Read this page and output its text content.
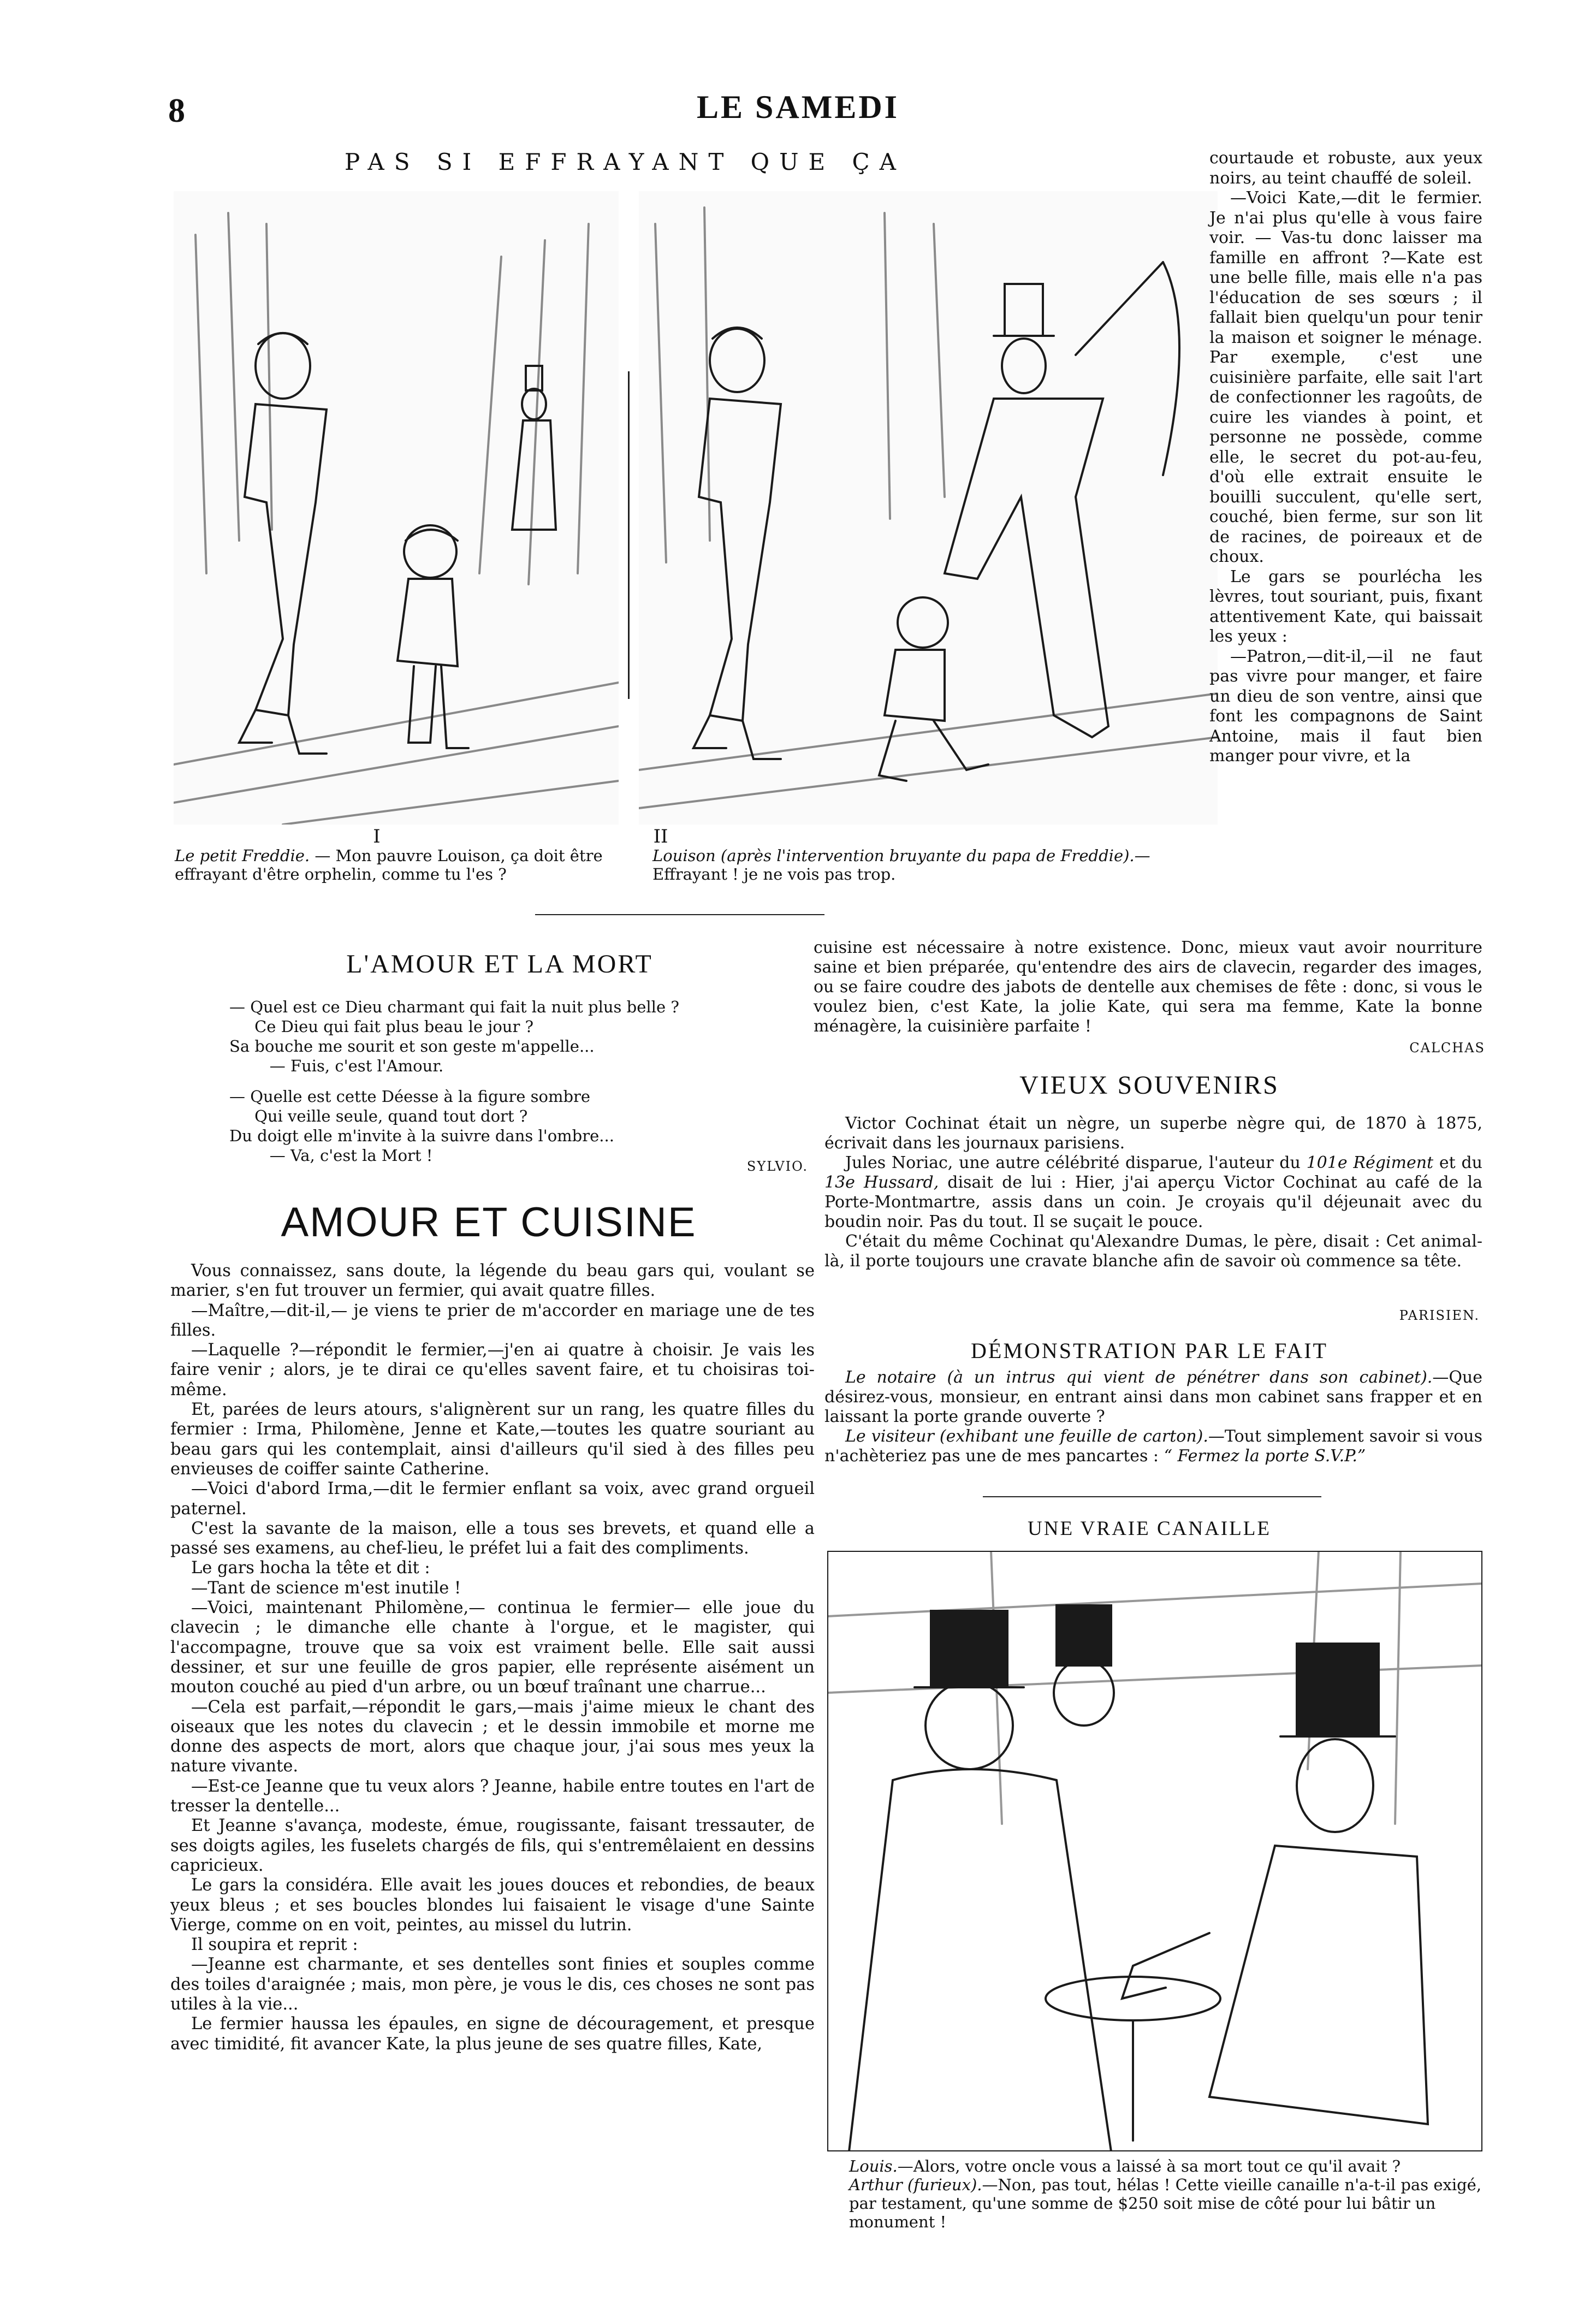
8	LE SAMEDI
PAS SI EFFRAYANT QUE ÇA
I
Le petit Freddie. — Mon pauvre Louison, ça doit être effrayant d'être orphelin, comme tu l'es ?
II
Louison (après l'intervention bruyante du papa de Freddie).— Effrayant ! je ne vois pas trop.

courtaude et robuste, aux yeux noirs, au teint chauffé de soleil.

—Voici Kate,—dit le fermier. Je n'ai plus qu'elle à vous faire voir. — Vas-tu donc laisser ma famille en affront ?—Kate est une belle fille, mais elle n'a pas l'éducation de ses sœurs ; il fallait bien quelqu'un pour tenir la maison et soigner le ménage. Par exemple, c'est une cuisinière parfaite, elle sait l'art de confectionner les ragoûts, de cuire les viandes à point, et personne ne possède, comme elle, le secret du pot-au-feu, d'où elle extrait ensuite le bouilli succulent, qu'elle sert, couché, bien ferme, sur son lit de racines, de poireaux et de choux.

Le gars se pourlécha les lèvres, tout souriant, puis, fixant attentivement Kate, qui baissait les yeux :

—Patron,—dit-il,—il ne faut pas vivre pour manger, et faire un dieu de son ventre, ainsi que font les compagnons de Saint Antoine, mais il faut bien manger pour vivre, et la

cuisine est nécessaire à notre existence. Donc, mieux vaut avoir nourriture saine et bien préparée, qu'entendre des airs de clavecin, regarder des images, ou se faire coudre des jabots de dentelle aux chemises de fête : donc, si vous le voulez bien, c'est Kate, la jolie Kate, qui sera ma femme, Kate la bonne ménagère, la cuisinière parfaite !

CALCHAS
L'AMOUR ET LA MORT
— Quel est ce Dieu charmant qui fait la nuit plus belle ?
Ce Dieu qui fait plus beau le jour ?
Sa bouche me sourit et son geste m'appelle...
— Fuis, c'est l'Amour.
— Quelle est cette Déesse à la figure sombre
Qui veille seule, quand tout dort ?
Du doigt elle m'invite à la suivre dans l'ombre...
— Va, c'est la Mort !
SYLVIO.
AMOUR ET CUISINE

Vous connaissez, sans doute, la légende du beau gars qui, voulant se marier, s'en fut trouver un fermier, qui avait quatre filles.

—Maître,—dit-il,— je viens te prier de m'accorder en mariage une de tes filles.

—Laquelle ?—répondit le fermier,—j'en ai quatre à choisir. Je vais les faire venir ; alors, je te dirai ce qu'elles savent faire, et tu choisiras toi-même.

Et, parées de leurs atours, s'alignèrent sur un rang, les quatre filles du fermier : Irma, Philomène, Jenne et Kate,—toutes les quatre souriant au beau gars qui les contemplait, ainsi d'ailleurs qu'il sied à des filles peu envieuses de coiffer sainte Catherine.

—Voici d'abord Irma,—dit le fermier enflant sa voix, avec grand orgueil paternel.

C'est la savante de la maison, elle a tous ses brevets, et quand elle a passé ses examens, au chef-lieu, le préfet lui a fait des compliments.

Le gars hocha la tête et dit :

—Tant de science m'est inutile !

—Voici, maintenant Philomène,— continua le fermier— elle joue du clavecin ; le dimanche elle chante à l'orgue, et le magister, qui l'accompagne, trouve que sa voix est vraiment belle. Elle sait aussi dessiner, et sur une feuille de gros papier, elle représente aisément un mouton couché au pied d'un arbre, ou un bœuf traînant une charrue...

—Cela est parfait,—répondit le gars,—mais j'aime mieux le chant des oiseaux que les notes du clavecin ; et le dessin immobile et morne me donne des aspects de mort, alors que chaque jour, j'ai sous mes yeux la nature vivante.

—Est-ce Jeanne que tu veux alors ? Jeanne, habile entre toutes en l'art de tresser la dentelle...

Et Jeanne s'avança, modeste, émue, rougissante, faisant tressauter, de ses doigts agiles, les fuselets chargés de fils, qui s'entremêlaient en dessins capricieux.

Le gars la considéra. Elle avait les joues douces et rebondies, de beaux yeux bleus ; et ses boucles blondes lui faisaient le visage d'une Sainte Vierge, comme on en voit, peintes, au missel du lutrin.

Il soupira et reprit :

—Jeanne est charmante, et ses dentelles sont finies et souples comme des toiles d'araignée ; mais, mon père, je vous le dis, ces choses ne sont pas utiles à la vie...

Le fermier haussa les épaules, en signe de découragement, et presque avec timidité, fit avancer Kate, la plus jeune de ses quatre filles, Kate,

VIEUX SOUVENIRS

Victor Cochinat était un nègre, un superbe nègre qui, de 1870 à 1875, écrivait dans les journaux parisiens.

Jules Noriac, une autre célébrité disparue, l'auteur du 101e Régiment et du 13e Hussard, disait de lui : Hier, j'ai aperçu Victor Cochinat au café de la Porte-Montmartre, assis dans un coin. Je croyais qu'il déjeunait avec du boudin noir. Pas du tout. Il se suçait le pouce.

C'était du même Cochinat qu'Alexandre Dumas, le père, disait : Cet animal-là, il porte toujours une cravate blanche afin de savoir où commence sa tête.

PARISIEN.
DÉMONSTRATION PAR LE FAIT

Le notaire (à un intrus qui vient de pénétrer dans son cabinet).—Que désirez-vous, monsieur, en entrant ainsi dans mon cabinet sans frapper et en laissant la porte grande ouverte ?

Le visiteur (exhibant une feuille de carton).—Tout simplement savoir si vous n'achèteriez pas une de mes pancartes : “ Fermez la porte S.V.P.”

UNE VRAIE CANAILLE
Louis.—Alors, votre oncle vous a laissé à sa mort tout ce qu'il avait ?
Arthur (furieux).—Non, pas tout, hélas ! Cette vieille canaille n'a-t-il pas exigé, par testament, qu'une somme de $250 soit mise de côté pour lui bâtir un monument !
